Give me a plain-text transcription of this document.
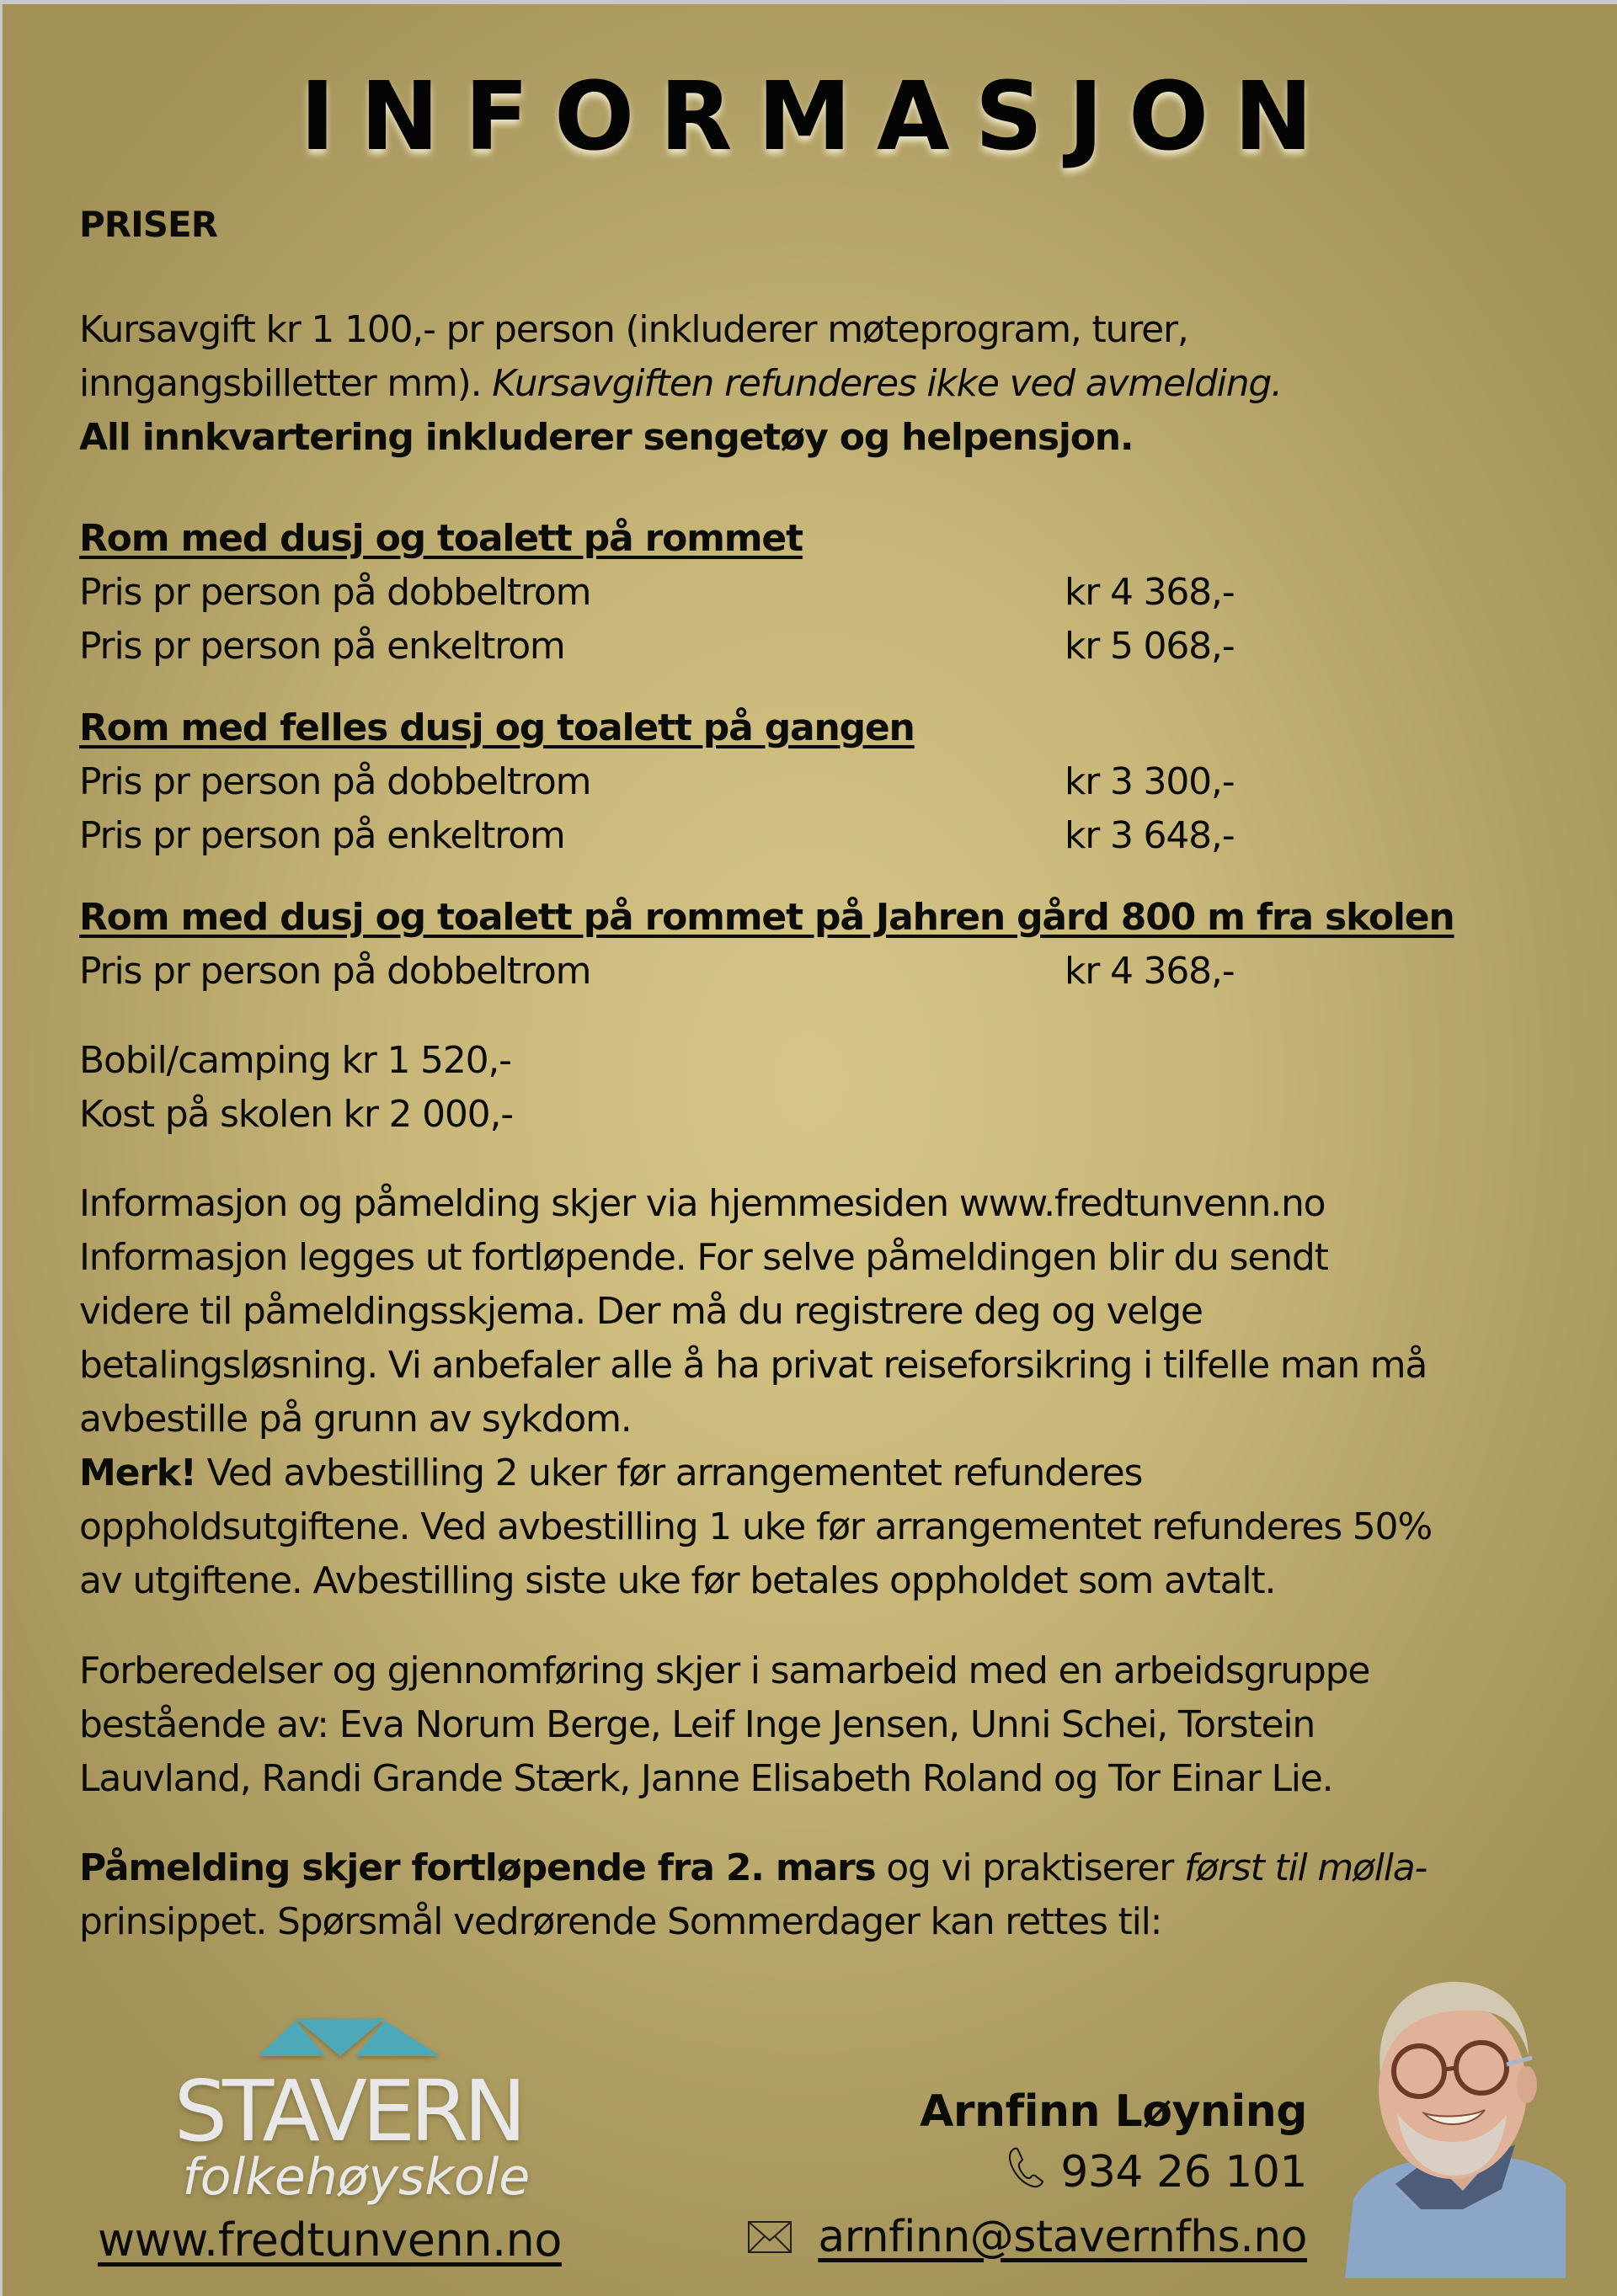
INFORMASJON
PRISER
Kursavgift kr 1 100,- pr person (inkluderer møteprogram, turer,
inngangsbilletter mm). Kursavgiften refunderes ikke ved avmelding.
All innkvartering inkluderer sengetøy og helpensjon.
Rom med dusj og toalett på rommet
Pris pr person på dobbeltrom	kr 4 368,-
Pris pr person på enkeltrom	kr 5 068,-
Rom med felles dusj og toalett på gangen
Pris pr person på dobbeltrom	kr 3 300,-
Pris pr person på enkeltrom	kr 3 648,-
Rom med dusj og toalett på rommet på Jahren gård 800 m fra skolen
Pris pr person på dobbeltrom	kr 4 368,-
Bobil/camping kr 1 520,-
Kost på skolen kr 2 000,-
Informasjon og påmelding skjer via hjemmesiden www.fredtunvenn.no
Informasjon legges ut fortløpende. For selve påmeldingen blir du sendt
videre til påmeldingsskjema. Der må du registrere deg og velge
betalingsløsning. Vi anbefaler alle å ha privat reiseforsikring i tilfelle man må
avbestille på grunn av sykdom.
Merk! Ved avbestilling 2 uker før arrangementet refunderes
oppholdsutgiftene. Ved avbestilling 1 uke før arrangementet refunderes 50%
av utgiftene. Avbestilling siste uke før betales oppholdet som avtalt.
Forberedelser og gjennomføring skjer i samarbeid med en arbeidsgruppe
bestående av: Eva Norum Berge, Leif Inge Jensen, Unni Schei, Torstein
Lauvland, Randi Grande Stærk, Janne Elisabeth Roland og Tor Einar Lie.
Påmelding skjer fortløpende fra 2. mars og vi praktiserer først til mølla-
prinsippet. Spørsmål vedrørende Sommerdager kan rettes til:
STAVERN
folkehøyskole
www.fredtunvenn.no
Arnfinn Løyning
934 26 101
arnfinn@stavernfhs.no
